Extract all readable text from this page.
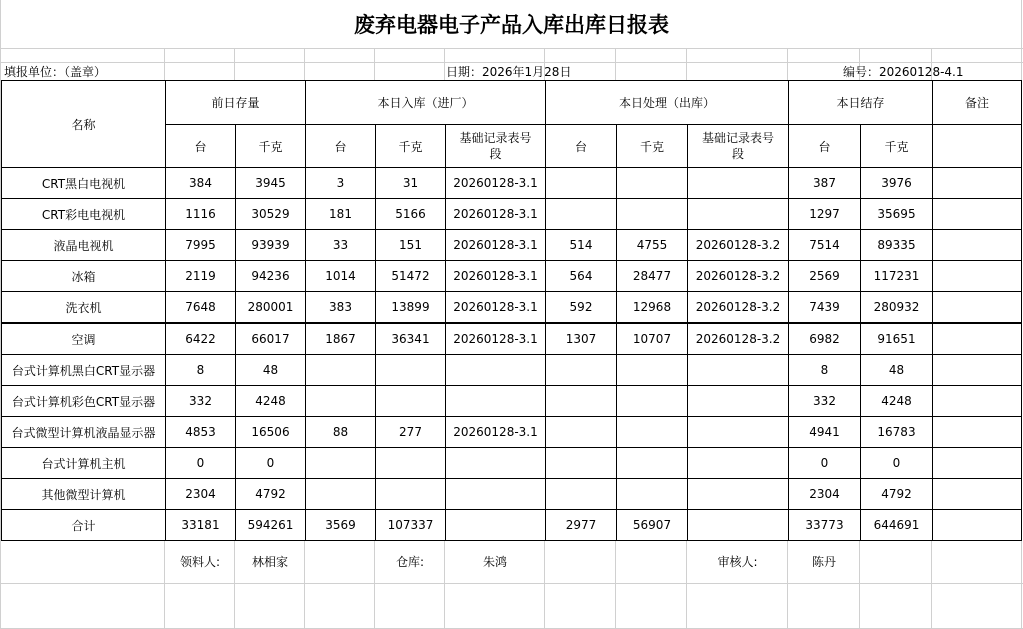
废弃电器电子产品入库出库日报表
填报单位：（盖章）	日期：2026年1月28日	编号：20260128-4.1
名称	前日存量		本日入库（进厂）			本日处理（出库）			本日结存		备注
	台	千克	台	千克	基础记录表号段	台	千克	基础记录表号段	台	千克	
CRT黑白电视机	384	3945	3	31	20260128-3.1				387	3976	
CRT彩电电视机	1116	30529	181	5166	20260128-3.1				1297	35695	
液晶电视机	7995	93939	33	151	20260128-3.1	514	4755	20260128-3.2	7514	89335	
冰箱	2119	94236	1014	51472	20260128-3.1	564	28477	20260128-3.2	2569	117231	
洗衣机	7648	280001	383	13899	20260128-3.1	592	12968	20260128-3.2	7439	280932	
空调	6422	66017	1867	36341	20260128-3.1	1307	10707	20260128-3.2	6982	91651	
台式计算机黑白CRT显示器	8	48							8	48	
台式计算机彩色CRT显示器	332	4248							332	4248	
台式微型计算机液晶显示器	4853	16506	88	277	20260128-3.1				4941	16783	
台式计算机主机	0	0							0	0	
其他微型计算机	2304	4792							2304	4792	
合计	33181	594261	3569	107337		2977	56907		33773	644691	
	领料人:	林相家		仓库:	朱鸿			审核人:	陈丹		
